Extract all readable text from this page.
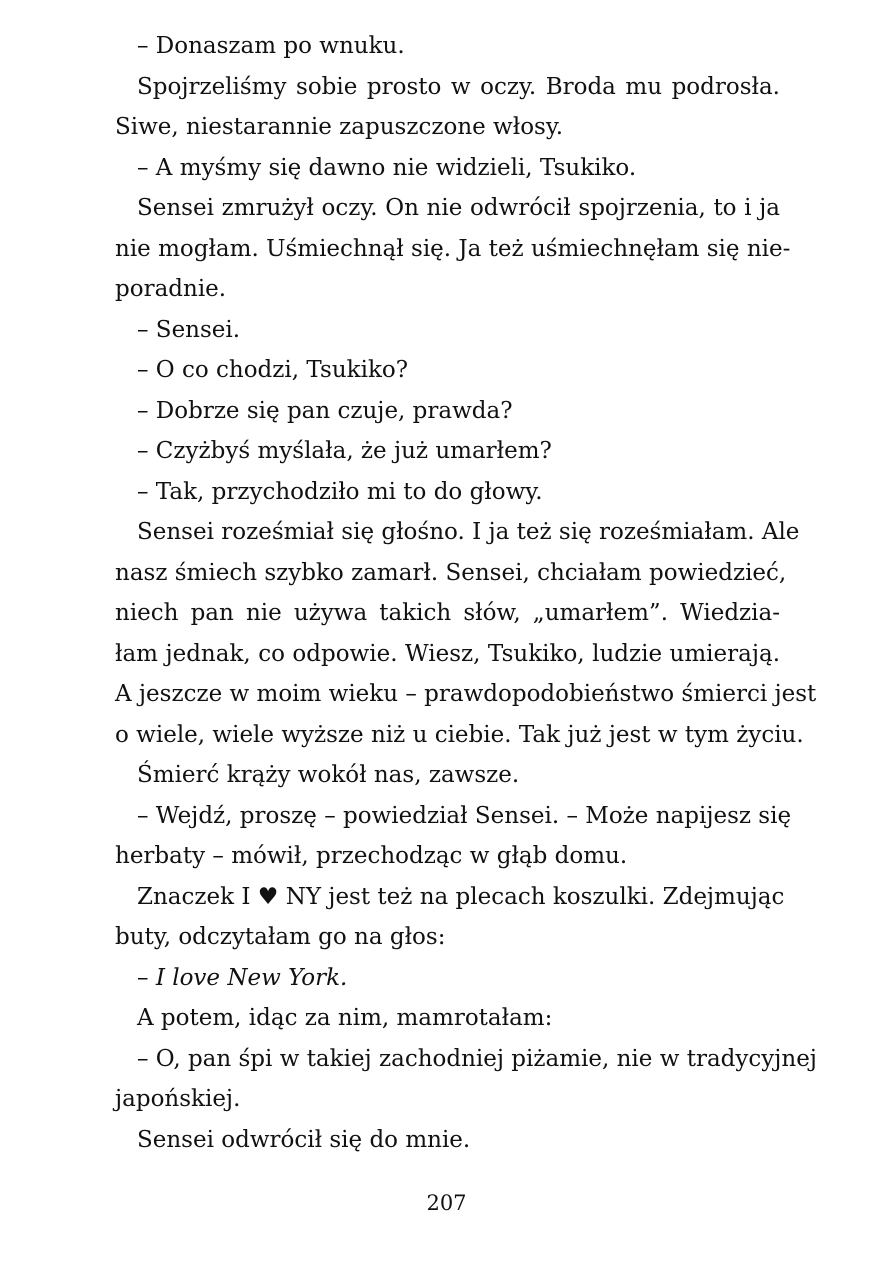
– Donaszam po wnuku.
Spojrzeliśmy sobie prosto w oczy. Broda mu podrosła.
Siwe, niestarannie zapuszczone włosy.
– A myśmy się dawno nie widzieli, Tsukiko.
Sensei zmrużył oczy. On nie odwrócił spojrzenia, to i ja
nie mogłam. Uśmiechnął się. Ja też uśmiechnęłam się nie-
poradnie.
– Sensei.
– O co chodzi, Tsukiko?
– Dobrze się pan czuje, prawda?
– Czyżbyś myślała, że już umarłem?
– Tak, przychodziło mi to do głowy.
Sensei roześmiał się głośno. I ja też się roześmiałam. Ale
nasz śmiech szybko zamarł. Sensei, chciałam powiedzieć,
niech pan nie używa takich słów, „umarłem”. Wiedzia-
łam jednak, co odpowie. Wiesz, Tsukiko, ludzie umierają.
A jeszcze w moim wieku – prawdopodobieństwo śmierci jest
o wiele, wiele wyższe niż u ciebie. Tak już jest w tym życiu.
Śmierć krąży wokół nas, zawsze.
– Wejdź, proszę – powiedział Sensei. – Może napijesz się
herbaty – mówił, przechodząc w głąb domu.
Znaczek I ♥ NY jest też na plecach koszulki. Zdejmując
buty, odczytałam go na głos:
– I love New York.
A potem, idąc za nim, mamrotałam:
– O, pan śpi w takiej zachodniej piżamie, nie w tradycyjnej
japońskiej.
Sensei odwrócił się do mnie.
207
